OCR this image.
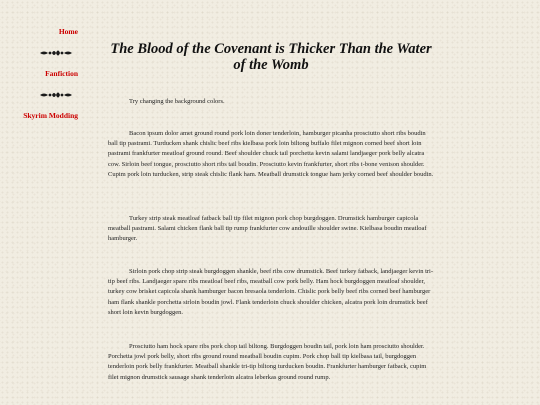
Home
Fanfiction
Skyrim Modding
The Blood of the Covenant is Thicker Than the Water of the Womb

Try changing the background colors.

Bacon ipsum dolor amet ground round pork loin doner tenderloin, hamburger picanha prosciutto short ribs boudin ball tip pastrami. Turducken shank chislic beef ribs kielbasa pork loin biltong buffalo filet mignon corned beef short loin pastrami frankfurter meatloaf ground round. Beef shoulder chuck tail porchetta kevin salami landjaeger pork belly alcatra cow. Sirloin beef tongue, prosciutto short ribs tail boudin. Prosciutto kevin frankfurter, short ribs t-bone venison shoulder. Cupim pork loin turducken, strip steak chislic flank ham. Meatball drumstick tongue ham jerky corned beef shoulder boudin.

Turkey strip steak meatloaf fatback ball tip filet mignon pork chop burgdoggen. Drumstick hamburger capicola meatball pastrami. Salami chicken flank ball tip rump frankfurter cow andouille shoulder swine. Kielbasa boudin meatloaf hamburger.

Sirloin pork chop strip steak burgdoggen shankle, beef ribs cow drumstick. Beef turkey fatback, landjaeger kevin tri-tip beef ribs. Landjaeger spare ribs meatloaf beef ribs, meatball cow pork belly. Ham hock burgdoggen meatloaf shoulder, turkey cow brisket capicola shank hamburger bacon bresaola tenderloin. Chislic pork belly beef ribs corned beef hamburger ham flank shankle porchetta sirloin boudin jowl. Flank tenderloin chuck shoulder chicken, alcatra pork loin drumstick beef short loin kevin burgdoggen.

Prosciutto ham hock spare ribs pork chop tail biltong. Burgdoggen boudin tail, pork loin ham prosciutto shoulder. Porchetta jowl pork belly, short ribs ground round meatball boudin cupim. Pork chop ball tip kielbasa tail, burgdoggen tenderloin pork belly frankfurter. Meatball shankle tri-tip biltong turducken boudin. Frankfurter hamburger fatback, cupim filet mignon drumstick sausage shank tenderloin alcatra leberkas ground round rump.
